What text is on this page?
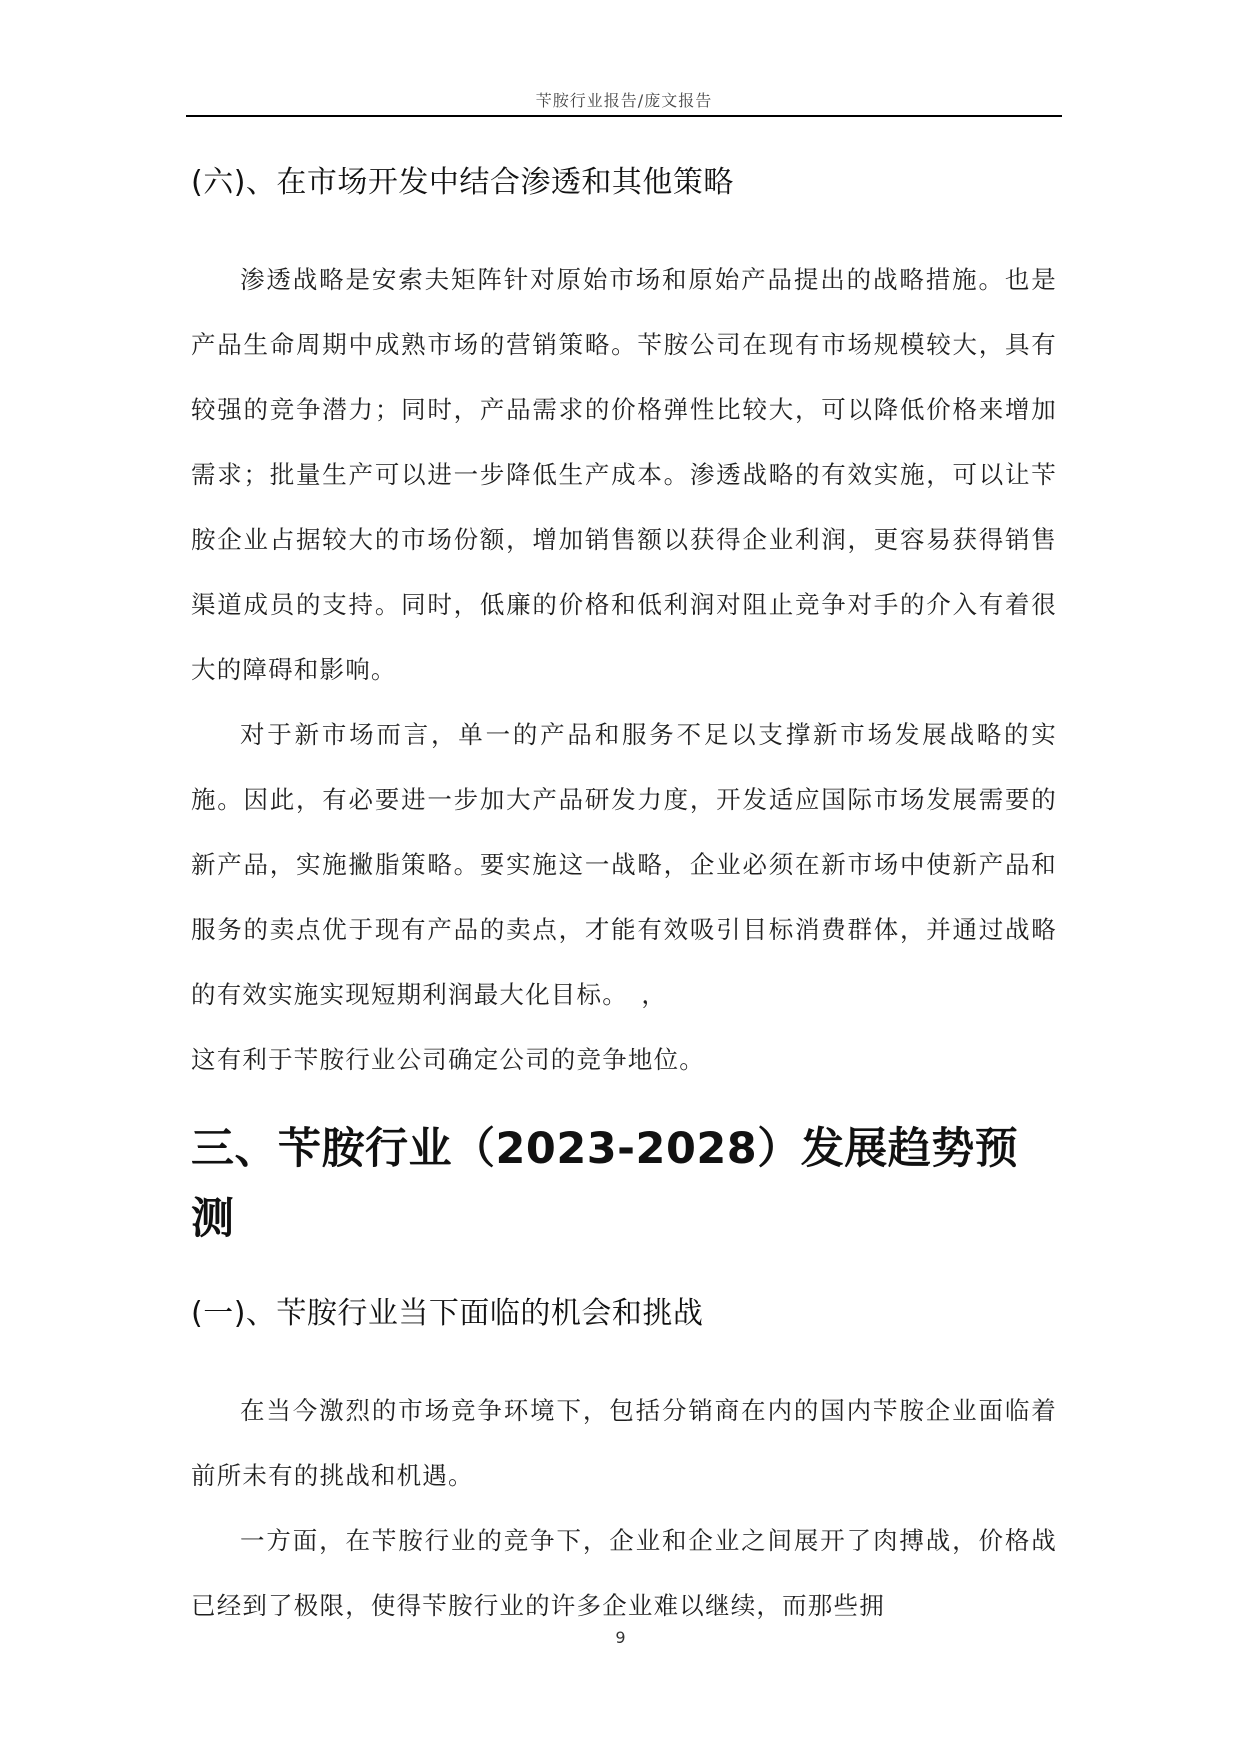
苄胺行业报告/庞文报告
(六)、在市场开发中结合渗透和其他策略

渗透战略是安索夫矩阵针对原始市场和原始产品提出的战略措施。也是产品生命周期中成熟市场的营销策略。苄胺公司在现有市场规模较大，具有较强的竞争潜力；同时，产品需求的价格弹性比较大，可以降低价格来增加需求；批量生产可以进一步降低生产成本。渗透战略的有效实施，可以让苄胺企业占据较大的市场份额，增加销售额以获得企业利润，更容易获得销售渠道成员的支持。同时，低廉的价格和低利润对阻止竞争对手的介入有着很大的障碍和影响。

对于新市场而言，单一的产品和服务不足以支撑新市场发展战略的实施。因此，有必要进一步加大产品研发力度，开发适应国际市场发展需要的新产品，实施撇脂策略。要实施这一战略，企业必须在新市场中使新产品和服务的卖点优于现有产品的卖点，才能有效吸引目标消费群体，并通过战略的有效实施实现短期利润最大化目标。　，

这有利于苄胺行业公司确定公司的竞争地位。

三、苄胺行业（2023-2028）发展趋势预测
(一)、苄胺行业当下面临的机会和挑战

在当今激烈的市场竞争环境下，包括分销商在内的国内苄胺企业面临着前所未有的挑战和机遇。

一方面，在苄胺行业的竞争下，企业和企业之间展开了肉搏战，价格战已经到了极限，使得苄胺行业的许多企业难以继续，而那些拥

9
